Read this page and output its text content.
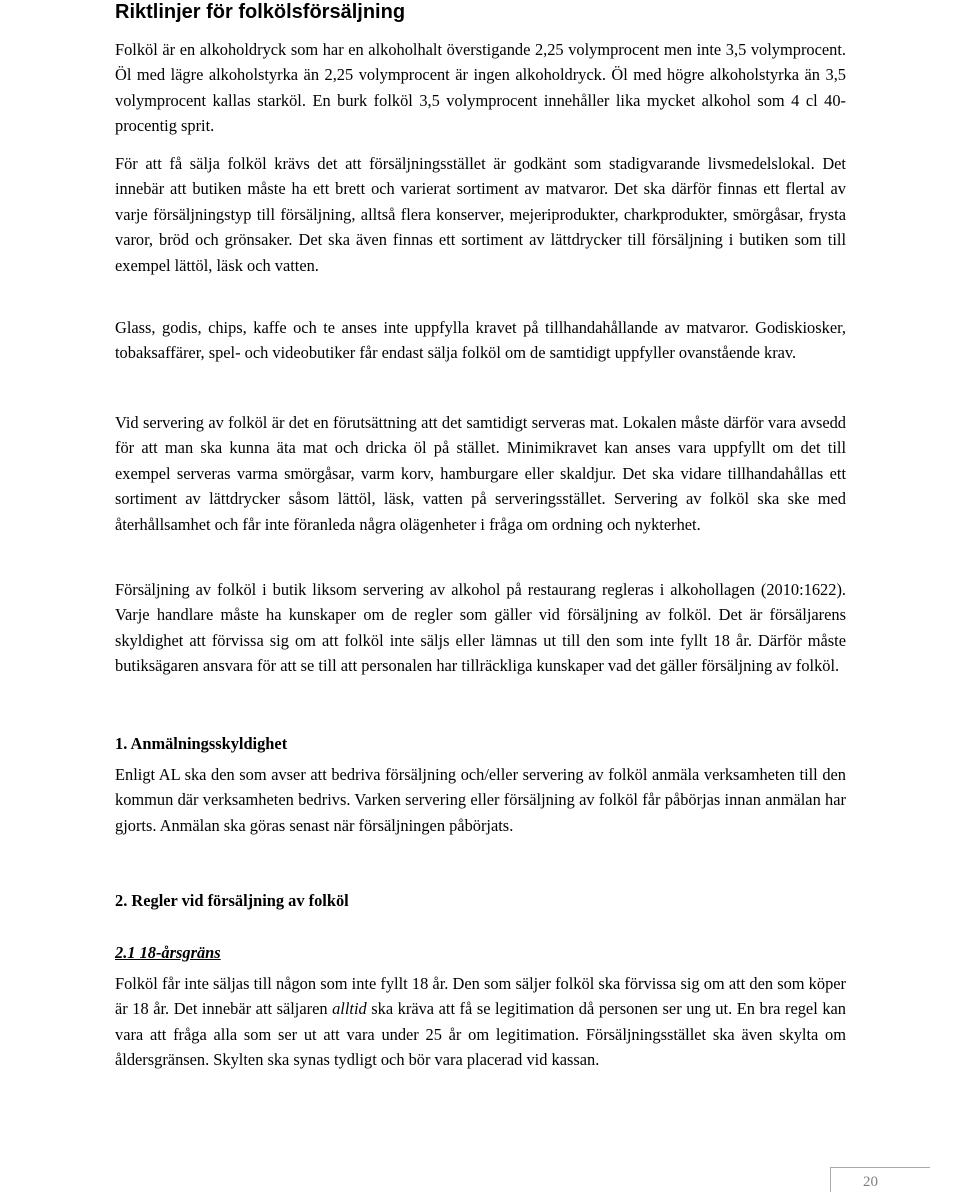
Riktlinjer för folkölsförsäljning

Folköl är en alkoholdryck som har en alkoholhalt överstigande 2,25 volymprocent men inte 3,5 volymprocent. Öl med lägre alkoholstyrka än 2,25 volymprocent är ingen alkoholdryck. Öl med högre alkoholstyrka än 3,5 volymprocent kallas starköl. En burk folköl 3,5 volymprocent innehåller lika mycket alkohol som 4 cl 40-procentig sprit.

För att få sälja folköl krävs det att försäljningsstället är godkänt som stadigvarande livsmedelslokal. Det innebär att butiken måste ha ett brett och varierat sortiment av matvaror. Det ska därför finnas ett flertal av varje försäljningstyp till försäljning, alltså flera konserver, mejeriprodukter, charkprodukter, smörgåsar, frysta varor, bröd och grönsaker. Det ska även finnas ett sortiment av lättdrycker till försäljning i butiken som till exempel lättöl, läsk och vatten.

Glass, godis, chips, kaffe och te anses inte uppfylla kravet på tillhandahållande av matvaror. Godiskiosker, tobaksaffärer, spel- och videobutiker får endast sälja folköl om de samtidigt uppfyller ovanstående krav.

Vid servering av folköl är det en förutsättning att det samtidigt serveras mat. Lokalen måste därför vara avsedd för att man ska kunna äta mat och dricka öl på stället. Minimikravet kan anses vara uppfyllt om det till exempel serveras varma smörgåsar, varm korv, hamburgare eller skaldjur. Det ska vidare tillhandahållas ett sortiment av lättdrycker såsom lättöl, läsk, vatten på serveringsstället. Servering av folköl ska ske med återhållsamhet och får inte föranleda några olägenheter i fråga om ordning och nykterhet.

Försäljning av folköl i butik liksom servering av alkohol på restaurang regleras i alkohollagen (2010:1622). Varje handlare måste ha kunskaper om de regler som gäller vid försäljning av folköl. Det är försäljarens skyldighet att förvissa sig om att folköl inte säljs eller lämnas ut till den som inte fyllt 18 år. Därför måste butiksägaren ansvara för att se till att personalen har tillräckliga kunskaper vad det gäller försäljning av folköl.

1. Anmälningsskyldighet

Enligt AL ska den som avser att bedriva försäljning och/eller servering av folköl anmäla verksamheten till den kommun där verksamheten bedrivs. Varken servering eller försäljning av folköl får påbörjas innan anmälan har gjorts. Anmälan ska göras senast när försäljningen påbörjats.

2. Regler vid försäljning av folköl
2.1 18-årsgräns

Folköl får inte säljas till någon som inte fyllt 18 år. Den som säljer folköl ska förvissa sig om att den som köper är 18 år. Det innebär att säljaren alltid ska kräva att få se legitimation då personen ser ung ut. En bra regel kan vara att fråga alla som ser ut att vara under 25 år om legitimation. Försäljningsstället ska även skylta om åldersgränsen. Skylten ska synas tydligt och bör vara placerad vid kassan.

20
